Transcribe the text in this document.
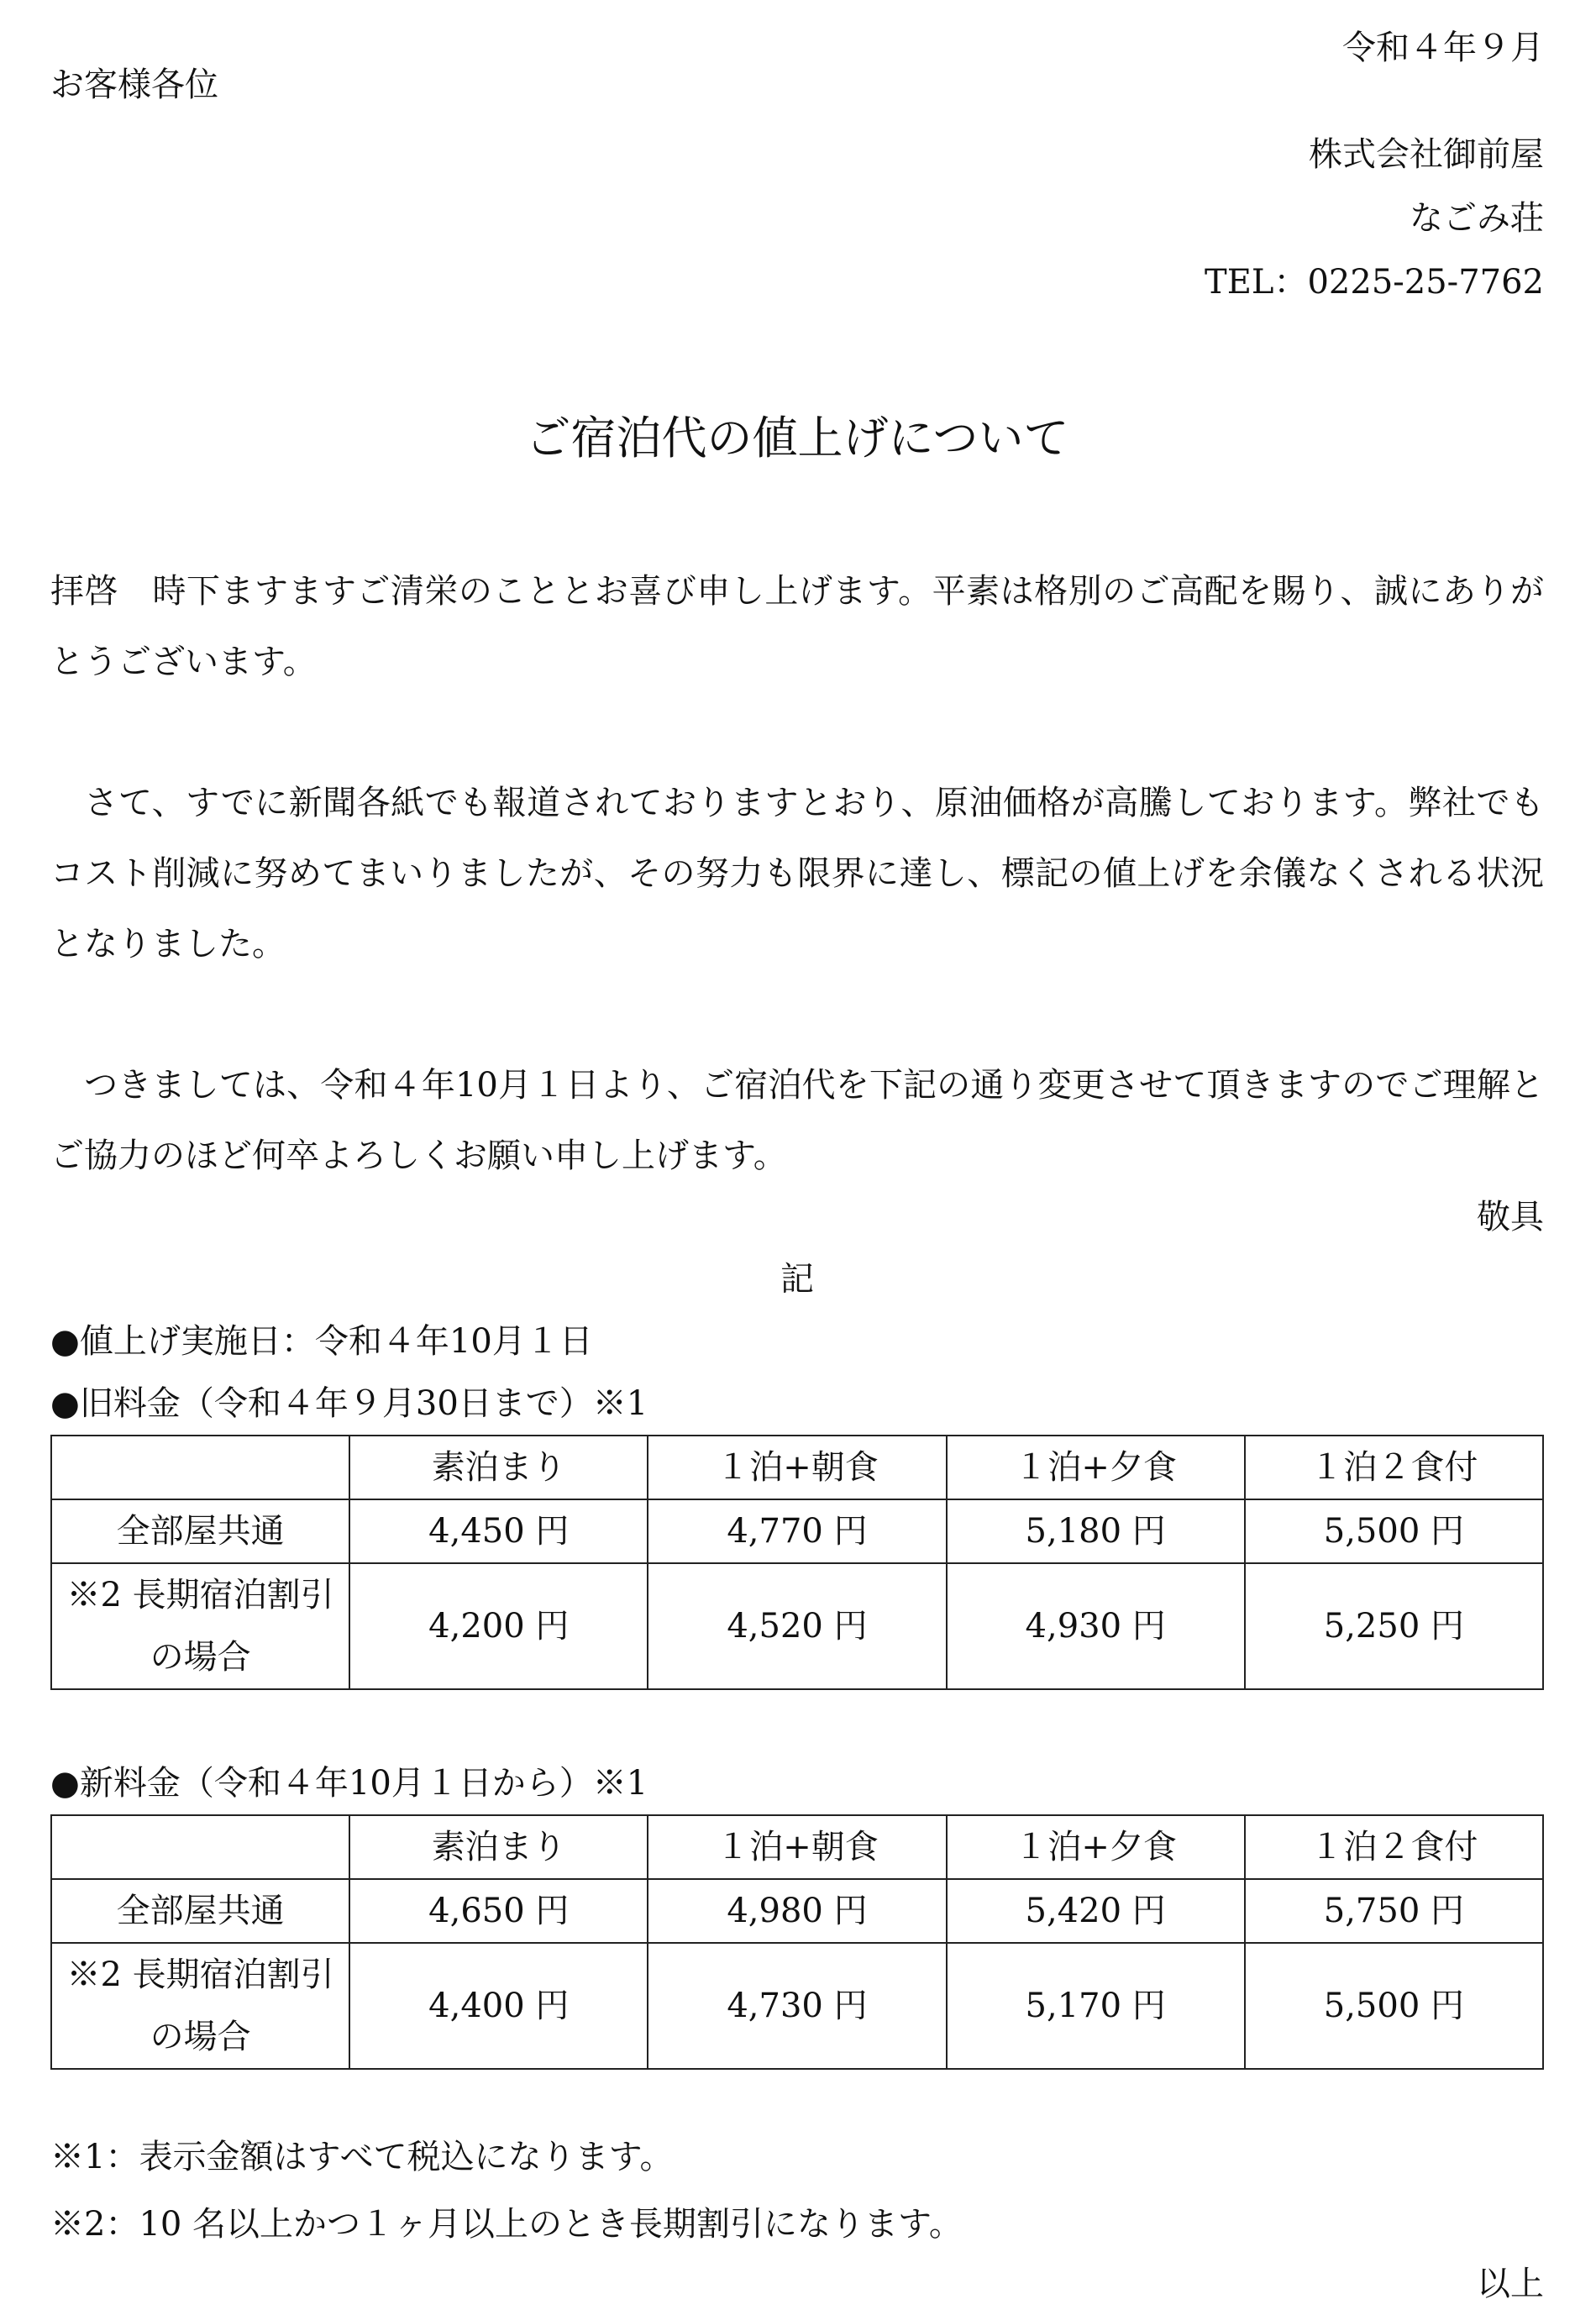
令和４年９月
お客様各位
株式会社御前屋
なごみ荘
TEL：0225-25-7762
ご宿泊代の値上げについて
拝啓　時下ますますご清栄のこととお喜び申し上げます。平素は格別のご高配を賜り、誠にありがとうございます。
　さて、すでに新聞各紙でも報道されておりますとおり、原油価格が高騰しております。弊社でもコスト削減に努めてまいりましたが、その努力も限界に達し、標記の値上げを余儀なくされる状況となりました。
　つきましては、令和４年10月１日より、ご宿泊代を下記の通り変更させて頂きますのでご理解とご協力のほど何卒よろしくお願い申し上げます。
敬具
記
●値上げ実施日：令和４年10月１日
●旧料金（令和４年９月30日まで）※1
	素泊まり	１泊+朝食	１泊+夕食	１泊２食付
全部屋共通	4,450 円	4,770 円	5,180 円	5,500 円
※2 長期宿泊割引の場合	4,200 円	4,520 円	4,930 円	5,250 円
●新料金（令和４年10月１日から）※1
	素泊まり	１泊+朝食	１泊+夕食	１泊２食付
全部屋共通	4,650 円	4,980 円	5,420 円	5,750 円
※2 長期宿泊割引の場合	4,400 円	4,730 円	5,170 円	5,500 円
※1：表示金額はすべて税込になります。
※2：10 名以上かつ１ヶ月以上のとき長期割引になります。
以上
